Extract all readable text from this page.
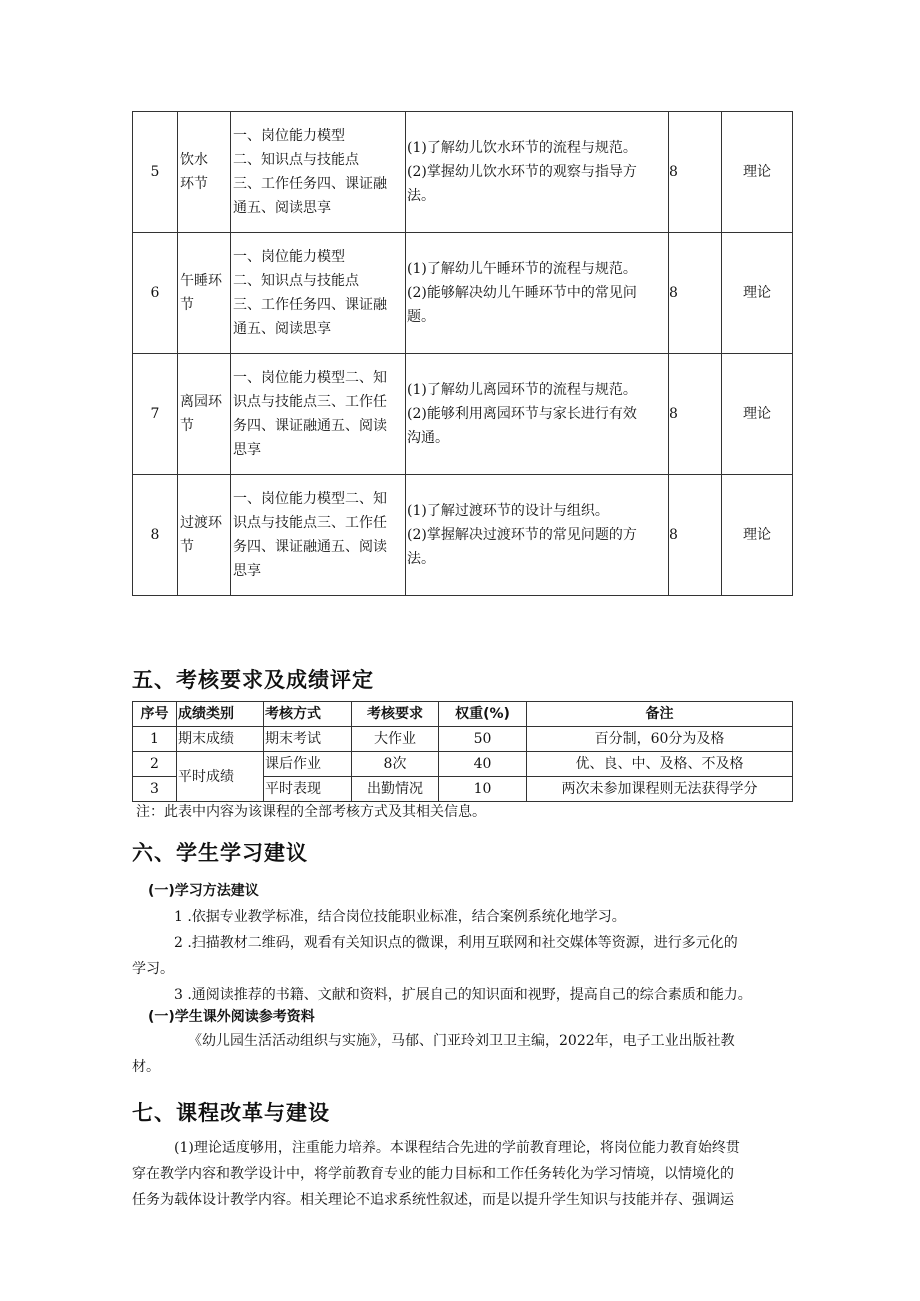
5	饮水
环节	一、岗位能力模型
二、知识点与技能点
三、工作任务四、课证融
通五、阅读思享	(1)了解幼儿饮水环节的流程与规范。
(2)掌握幼儿饮水环节的观察与指导方
法。	8	理论
6	午睡环
节	一、岗位能力模型
二、知识点与技能点
三、工作任务四、课证融
通五、阅读思享	(1)了解幼儿午睡环节的流程与规范。
(2)能够解决幼儿午睡环节中的常见问
题。	8	理论
7	离园环
节	一、岗位能力模型二、知
识点与技能点三、工作任
务四、课证融通五、阅读
思享	(1)了解幼儿离园环节的流程与规范。
(2)能够利用离园环节与家长进行有效
沟通。	8	理论
8	过渡环
节	一、岗位能力模型二、知
识点与技能点三、工作任
务四、课证融通五、阅读
思享	(1)了解过渡环节的设计与组织。
(2)掌握解决过渡环节的常见问题的方
法。	8	理论
五、考核要求及成绩评定
序号	成绩类别	考核方式	考核要求	权重(%)	备注
1	期末成绩	期末考试	大作业	50	百分制，60分为及格
2	平时成绩	课后作业	8次	40	优、良、中、及格、不及格
3		平时表现	出勤情况	10	两次未参加课程则无法获得学分
注：此表中内容为该课程的全部考核方式及其相关信息。
六、学生学习建议
(一)学习方法建议
1 .依据专业教学标准，结合岗位技能职业标准，结合案例系统化地学习。
2 .扫描教材二维码，观看有关知识点的微课，利用互联网和社交媒体等资源，进行多元化的
学习。
3 .通阅读推荐的书籍、文献和资料，扩展自己的知识面和视野，提高自己的综合素质和能力。
(一)学生课外阅读参考资料
《幼儿园生活活动组织与实施》，马郁、门亚玲刘卫卫主编，2022年，电子工业出版社教
材。
七、课程改革与建设
(1)理论适度够用，注重能力培养。本课程结合先进的学前教育理论，将岗位能力教育始终贯
穿在教学内容和教学设计中，将学前教育专业的能力目标和工作任务转化为学习情境，以情境化的
任务为载体设计教学内容。相关理论不追求系统性叙述，而是以提升学生知识与技能并存、强调运
